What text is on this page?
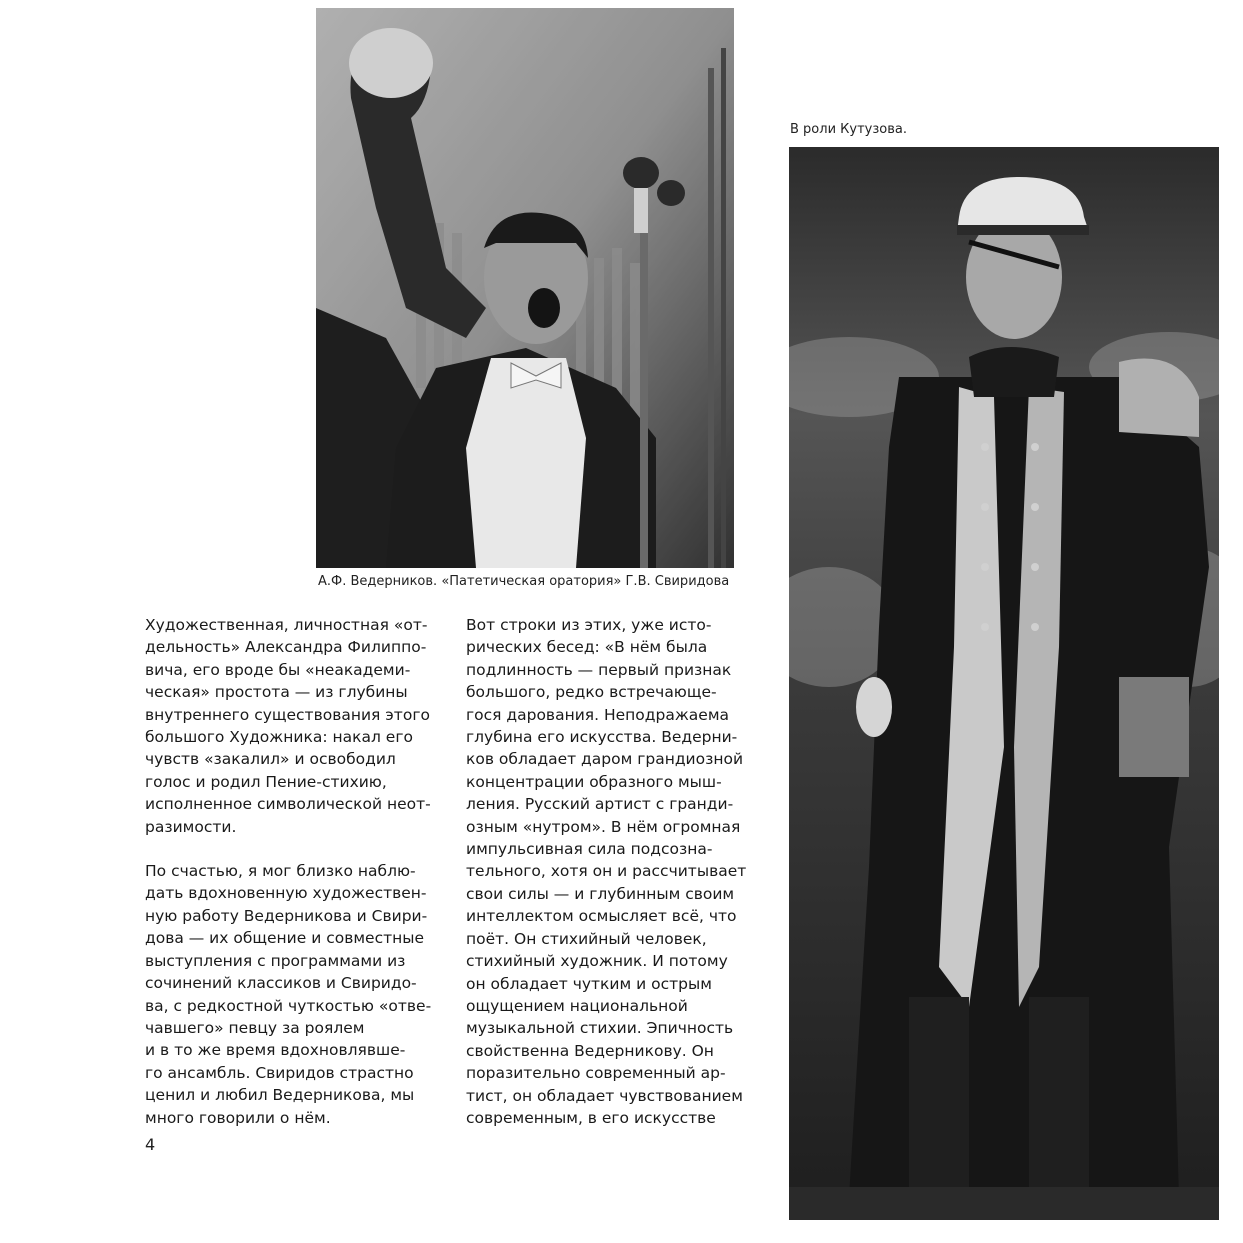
А.Ф. Ведерников. «Патетическая оратория» Г.В. Свиридова
В роли Кутузова.

Художественная, личностная «от-
дельность» Александра Филиппо-
вича, его вроде бы «неакадеми-
ческая» простота — из глубины
внутреннего существования этого
большого Художника: накал его
чувств «закалил» и освободил
голос и родил Пение-стихию,
исполненное символической неот-
разимости.

По счастью, я мог близко наблю-
дать вдохновенную художествен-
ную работу Ведерникова и Свири-
дова — их общение и совместные
выступления с программами из
сочинений классиков и Свиридо-
ва, с редкостной чуткостью «отве-
чавшего» певцу за роялем
и в то же время вдохновлявше-
го ансамбль. Свиридов страстно
ценил и любил Ведерникова, мы
много говорили о нём.

Вот строки из этих, уже исто-
рических бесед: «В нём была
подлинность — первый признак
большого, редко встречающе-
гося дарования. Неподражаема
глубина его искусства. Ведерни-
ков обладает даром грандиозной
концентрации образного мыш-
ления. Русский артист с гранди-
озным «нутром». В нём огромная
импульсивная сила подсозна-
тельного, хотя он и рассчитывает
свои силы — и глубинным своим
интеллектом осмысляет всё, что
поёт. Он стихийный человек,
стихийный художник. И потому
он обладает чутким и острым
ощущением национальной
музыкальной стихии. Эпичность
свойственна Ведерникову. Он
поразительно современный ар-
тист, он обладает чувствованием
современным, в его искусстве

4
